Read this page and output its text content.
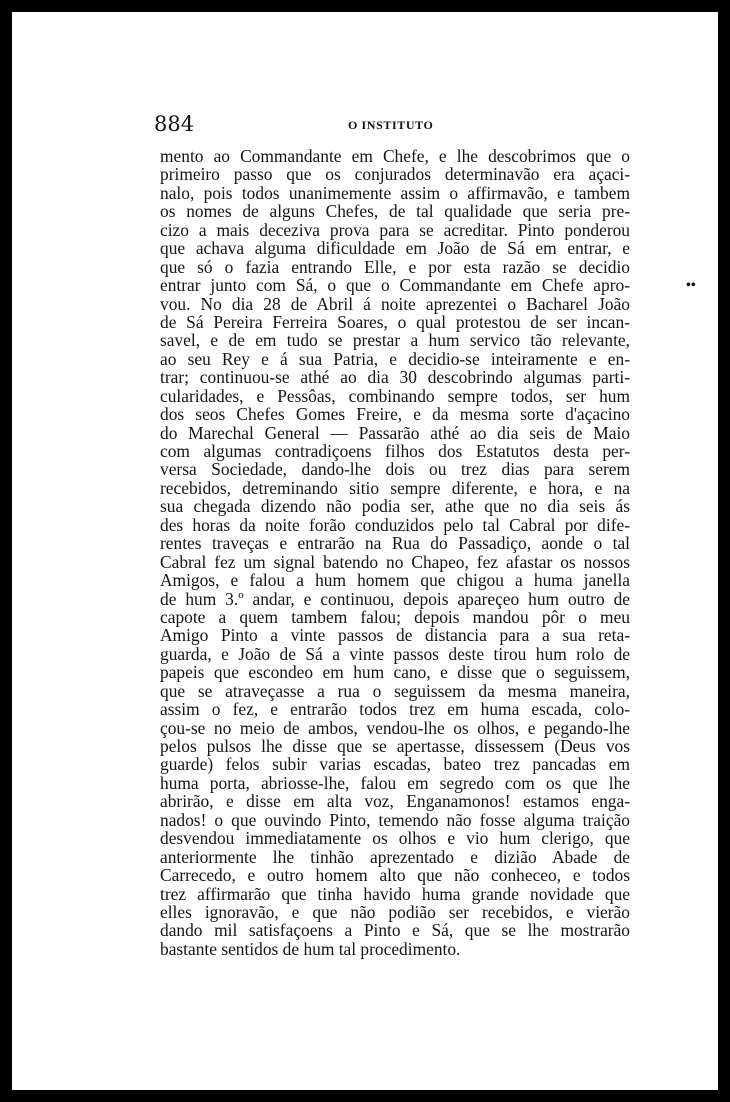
884	O INSTITUTO
••
mento ao Commandante em Chefe, e lhe descobrimos que o
primeiro passo que os conjurados determinavão era açaci-
nalo, pois todos unanimemente assim o affirmavão, e tambem
os nomes de alguns Chefes, de tal qualidade que seria pre-
cizo a mais deceziva prova para se acreditar. Pinto ponderou
que achava alguma dificuldade em João de Sá em entrar, e
que só o fazia entrando Elle, e por esta razão se decidio
entrar junto com Sá, o que o Commandante em Chefe apro-
vou. No dia 28 de Abril á noite aprezentei o Bacharel João
de Sá Pereira Ferreira Soares, o qual protestou de ser incan-
savel, e de em tudo se prestar a hum servico tão relevante,
ao seu Rey e á sua Patria, e decidio-se inteiramente e en-
trar; continuou-se athé ao dia 30 descobrindo algumas parti-
cularidades, e Pessôas, combinando sempre todos, ser hum
dos seos Chefes Gomes Freire, e da mesma sorte d'açacino
do Marechal General — Passarão athé ao dia seis de Maio
com algumas contradiçoens filhos dos Estatutos desta per-
versa Sociedade, dando-lhe dois ou trez dias para serem
recebidos, detreminando sitio sempre diferente, e hora, e na
sua chegada dizendo não podia ser, athe que no dia seis ás
des horas da noite forão conduzidos pelo tal Cabral por dife-
rentes traveças e entrarão na Rua do Passadiço, aonde o tal
Cabral fez um signal batendo no Chapeo, fez afastar os nossos
Amigos, e falou a hum homem que chigou a huma janella
de hum 3.º andar, e continuou, depois apareçeo hum outro de
capote a quem tambem falou; depois mandou pôr o meu
Amigo Pinto a vinte passos de distancia para a sua reta-
guarda, e João de Sá a vinte passos deste tirou hum rolo de
papeis que escondeo em hum cano, e disse que o seguissem,
que se atraveçasse a rua o seguissem da mesma maneira,
assim o fez, e entrarão todos trez em huma escada, colo-
çou-se no meio de ambos, vendou-lhe os olhos, e pegando-lhe
pelos pulsos lhe disse que se apertasse, dissessem (Deus vos
guarde) felos subir varias escadas, bateo trez pancadas em
huma porta, abriosse-lhe, falou em segredo com os que lhe
abrirão, e disse em alta voz, Enganamonos! estamos enga-
nados! o que ouvindo Pinto, temendo não fosse alguma traição
desvendou immediatamente os olhos e vio hum clerigo, que
anteriormente lhe tinhão aprezentado e dizião Abade de
Carrecedo, e outro homem alto que não conheceo, e todos
trez affirmarão que tinha havido huma grande novidade que
elles ignoravão, e que não podião ser recebidos, e vierão
dando mil satisfaçoens a Pinto e Sá, que se lhe mostrarão
bastante sentidos de hum tal procedimento.
